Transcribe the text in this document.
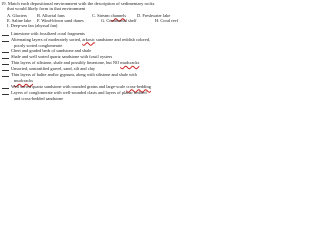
19. Match each depositional environment with the description of sedimentary rocks
that would likely form in that environment
A. Glaciers B. Alluvial fans	C. Stream channels D. Freshwater lake
E. Saline lake F. Wind-blown sand dunes	G. Continental shelf	H. Coral reef
I. Deep-sea fan (abyssal fan)
Limestone with fossilized coral fragments
Alternating layers of moderately sorted, arkosic sandstone and reddish colored,
poorly sorted conglomerate
Chert and graded beds of sandstone and shale
Shale and well sorted quartz sandstone with fossil oysters
Thin layers of siltstone, shale and possibly limestone, but NO mudcracks
Unsorted, unstratified gravel, sand, silt and clay
Thin layers of halite and/or gypsum, along with siltstone and shale with
mudcracks
Well sorted quartz sandstone with rounded grains and large-scale cross-bedding
Layers of conglomerate with well-rounded clasts and layers of planar bedded
and cross-bedded sandstone
